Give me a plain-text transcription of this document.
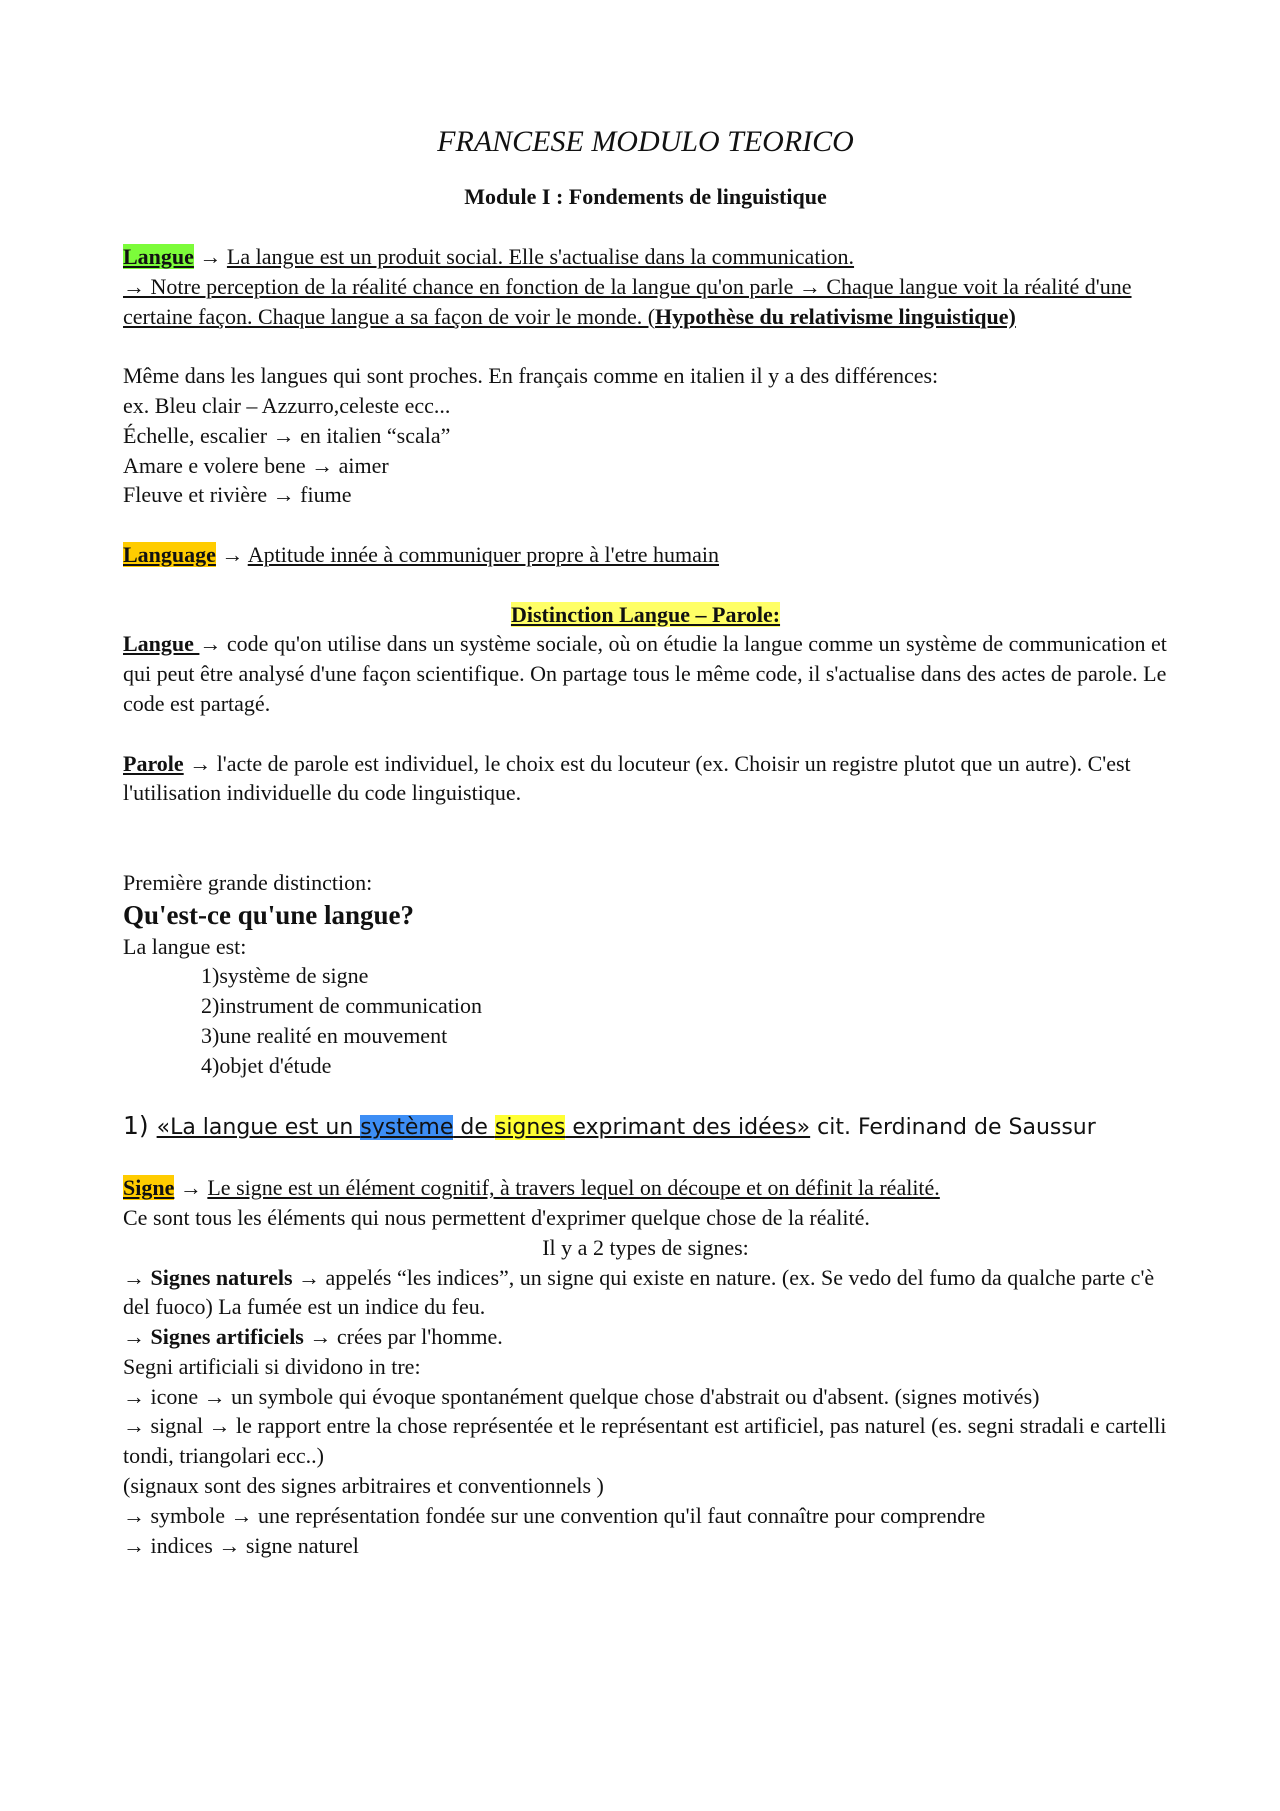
FRANCESE MODULO TEORICO
Module I : Fondements de linguistique

Langue → La langue est un produit social. Elle s'actualise dans la communication.

→ Notre perception de la réalité chance en fonction de la langue qu'on parle → Chaque langue voit la réalité d'une certaine façon. Chaque langue a sa façon de voir le monde. (Hypothèse du relativisme linguistique)

Même dans les langues qui sont proches. En français comme en italien il y a des différences:

ex. Bleu clair – Azzurro,celeste ecc...

Échelle, escalier → en italien “scala”

Amare e volere bene → aimer

Fleuve et rivière → fiume

Language → Aptitude innée à communiquer propre à l'etre humain

Distinction Langue – Parole:

Langue → code qu'on utilise dans un système sociale, où on étudie la langue comme un système de communication et qui peut être analysé d'une façon scientifique. On partage tous le même code, il s'actualise dans des actes de parole. Le code est partagé.

Parole → l'acte de parole est individuel, le choix est du locuteur (ex. Choisir un registre plutot que un autre). C'est l'utilisation individuelle du code linguistique.

Première grande distinction:

Qu'est-ce qu'une langue?

La langue est:

1)système de signe

2)instrument de communication

3)une realité en mouvement

4)objet d'étude

1) «La langue est un système de signes exprimant des idées» cit. Ferdinand de Saussur

Signe → Le signe est un élément cognitif, à travers lequel on découpe et on définit la réalité.

Ce sont tous les éléments qui nous permettent d'exprimer quelque chose de la réalité.

Il y a 2 types de signes:

→ Signes naturels → appelés “les indices”, un signe qui existe en nature. (ex. Se vedo del fumo da qualche parte c'è del fuoco) La fumée est un indice du feu.

→ Signes artificiels → crées par l'homme.

Segni artificiali si dividono in tre:

→ icone → un symbole qui évoque spontanément quelque chose d'abstrait ou d'absent. (signes motivés)

→ signal → le rapport entre la chose représentée et le représentant est artificiel, pas naturel (es. segni stradali e cartelli tondi, triangolari ecc..)

(signaux sont des signes arbitraires et conventionnels )

→ symbole → une représentation fondée sur une convention qu'il faut connaître pour comprendre

→ indices → signe naturel
